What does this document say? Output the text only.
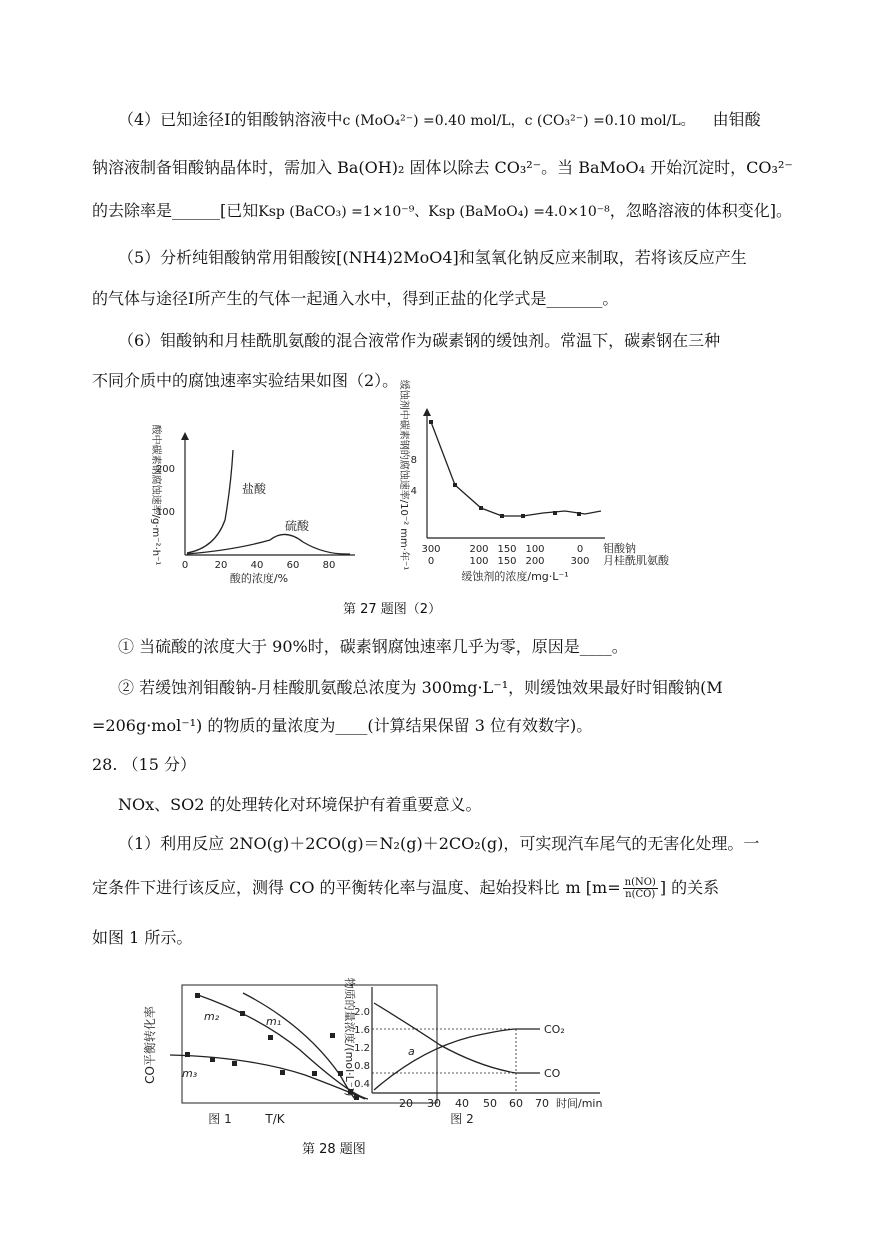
（4）已知途径Ⅰ的钼酸钠溶液中c (MoO₄²⁻) =0.40 mol/L，c (CO₃²⁻) =0.10 mol/L。 由钼酸
钠溶液制备钼酸钠晶体时，需加入 Ba(OH)₂ 固体以除去 CO₃²⁻。当 BaMoO₄ 开始沉淀时，CO₃²⁻
的去除率是______[已知Ksp (BaCO₃) =1×10⁻⁹、Ksp (BaMoO₄) =4.0×10⁻⁸，忽略溶液的体积变化]。
（5）分析纯钼酸钠常用钼酸铵[(NH4)2MoO4]和氢氧化钠反应来制取，若将该反应产生
的气体与途径Ⅰ所产生的气体一起通入水中，得到正盐的化学式是_______。
（6）钼酸钠和月桂酰肌氨酸的混合液常作为碳素钢的缓蚀剂。常温下，碳素钢在三种
不同介质中的腐蚀速率实验结果如图（2）。
200
100
0	20 40 60 80
盐酸
硫酸
酸的浓度/%
酸中碳素钢腐蚀速率/g·m⁻²·h⁻¹	8
4
300	200 150 100	0
0	100 150 200	300
钼酸钠
月桂酰肌氨酸
缓蚀剂的浓度/mg·L⁻¹
缓蚀剂中碳素钢的腐蚀速率/10⁻² mm·年⁻¹
第 27 题图（2）
① 当硫酸的浓度大于 90%时，碳素钢腐蚀速率几乎为零，原因是____。
② 若缓蚀剂钼酸钠-月桂酸肌氨酸总浓度为 300mg·L⁻¹，则缓蚀效果最好时钼酸钠(M
=206g·mol⁻¹) 的物质的量浓度为____(计算结果保留 3 位有效数字)。
28. （15 分）
NOx、SO2 的处理转化对环境保护有着重要意义。
（1）利用反应 2NO(g)＋2CO(g)＝N₂(g)＋2CO₂(g)，可实现汽车尾气的无害化处理。一
定条件下进行该反应，测得 CO 的平衡转化率与温度、起始投料比 m [$m= \frac{n(NO)}{n(CO)}$ ] 的关系
如图 1 所示。
CO平衡转化率	m₂	m₁
m₃
T/K
图 1
物质的量浓度/(mol·L⁻¹)
2.0
1.6
1.2
0.8
0.4
20 30 40 50 60 70 时间/min
a
CO₂
CO
图 2
第 28 题图
